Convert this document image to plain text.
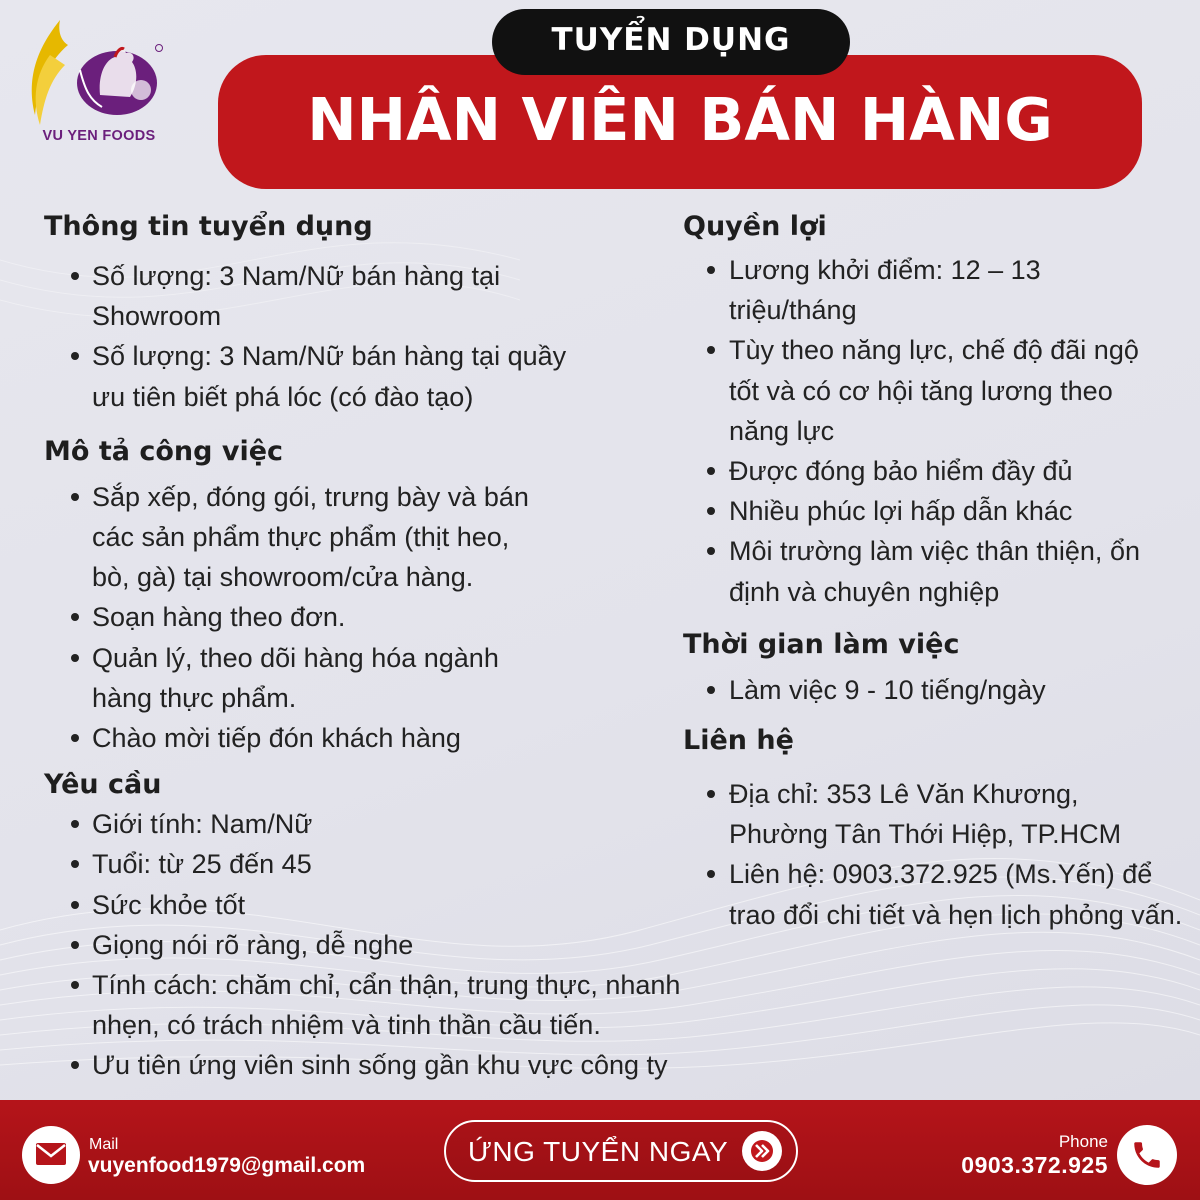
VU YEN FOODS	NHÂN VIÊN BÁN HÀNG
TUYỂN DỤNG
Thông tin tuyển dụng
Số lượng: 3 Nam/Nữ bán hàng tại Showroom
Số lượng: 3 Nam/Nữ bán hàng tại quầy ưu tiên biết phá lóc (có đào tạo)
Mô tả công việc
Sắp xếp, đóng gói, trưng bày và bán các sản phẩm thực phẩm (thịt heo, bò, gà) tại showroom/cửa hàng.
Soạn hàng theo đơn.
Quản lý, theo dõi hàng hóa ngành hàng thực phẩm.
Chào mời tiếp đón khách hàng
Yêu cầu
Giới tính: Nam/Nữ
Tuổi: từ 25 đến 45
Sức khỏe tốt
Giọng nói rõ ràng, dễ nghe
Tính cách: chăm chỉ, cẩn thận, trung thực, nhanh nhẹn, có trách nhiệm và tinh thần cầu tiến.
Ưu tiên ứng viên sinh sống gần khu vực công ty
Quyền lợi
Lương khởi điểm: 12 – 13 triệu/tháng
Tùy theo năng lực, chế độ đãi ngộ tốt và có cơ hội tăng lương theo năng lực
Được đóng bảo hiểm đầy đủ
Nhiều phúc lợi hấp dẫn khác
Môi trường làm việc thân thiện, ổn định và chuyên nghiệp
Thời gian làm việc
Làm việc 9 - 10 tiếng/ngày
Liên hệ
Địa chỉ: 353 Lê Văn Khương, Phường Tân Thới Hiệp, TP.HCM
Liên hệ: 0903.372.925 (Ms.Yến) để trao đổi chi tiết và hẹn lịch phỏng vấn.
Mail
vuyenfood1979@gmail.com	ỨNG TUYỂN NGAY	Phone
0903.372.925
